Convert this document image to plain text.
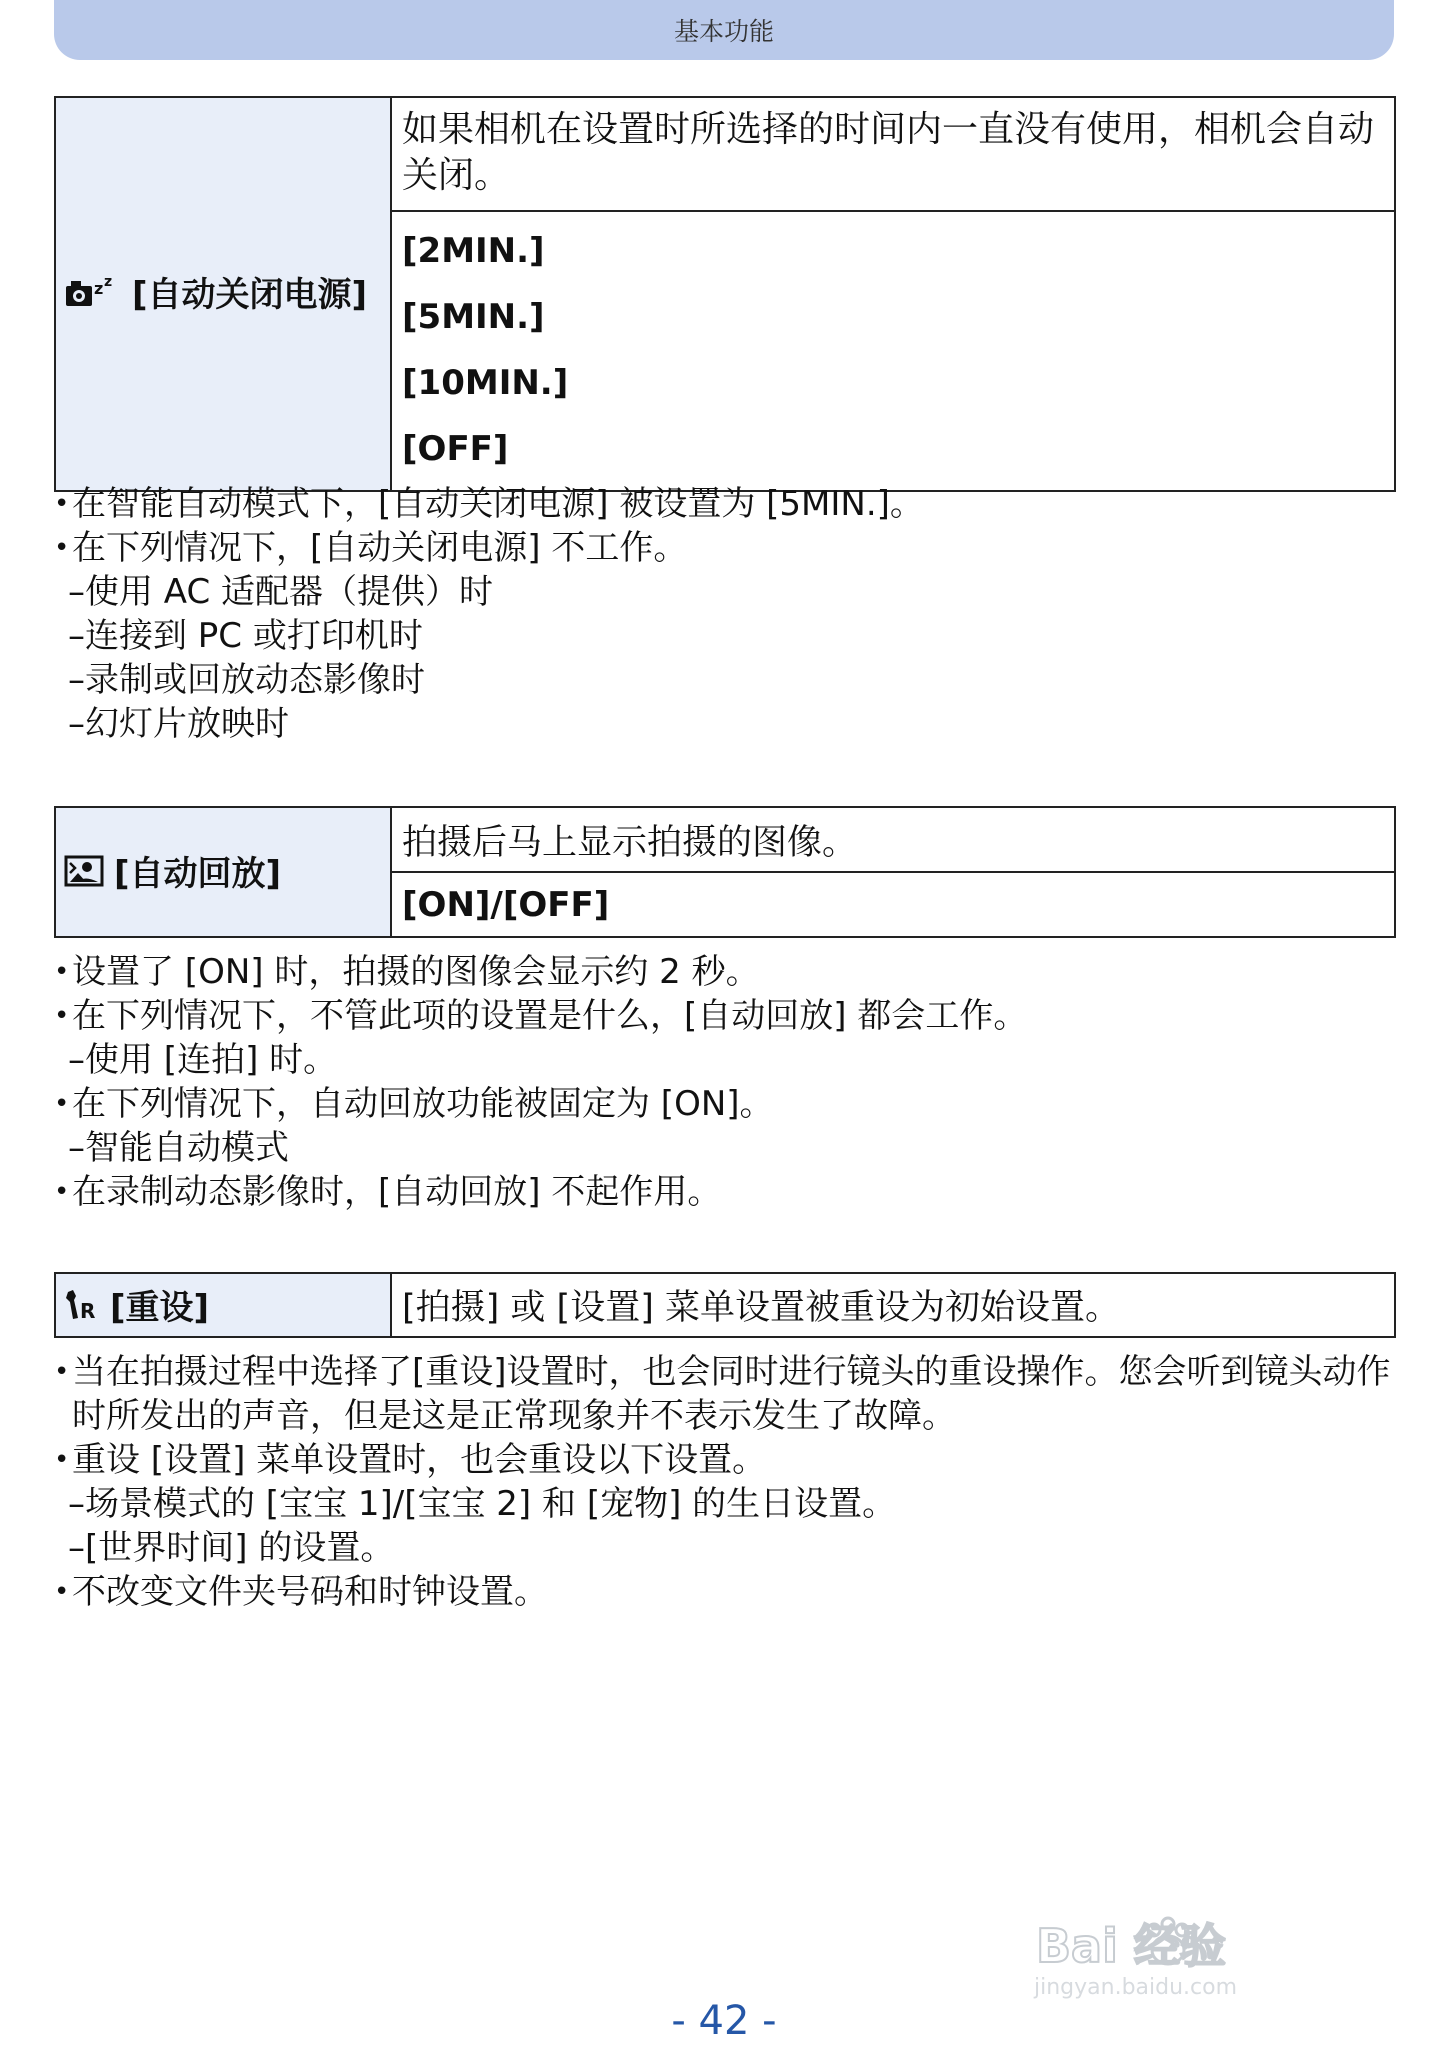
基本功能
z z [自动关闭电源]	如果相机在设置时所选择的时间内一直没有使用，相机会自动关闭。

[2MIN.]
[5MIN.]
[10MIN.]
[OFF]
• 在智能自动模式下，[自动关闭电源] 被设置为 [5MIN.]。
• 在下列情况下，[自动关闭电源] 不工作。
–使用 AC 适配器（提供）时
–连接到 PC 或打印机时
–录制或回放动态影像时
–幻灯片放映时
[自动回放]	拍摄后马上显示拍摄的图像。
[ON]/[OFF]
• 设置了 [ON] 时，拍摄的图像会显示约 2 秒。
• 在下列情况下，不管此项的设置是什么，[自动回放] 都会工作。
–使用 [连拍] 时。
• 在下列情况下，自动回放功能被固定为 [ON]。
–智能自动模式
• 在录制动态影像时，[自动回放] 不起作用。
R [重设]	[拍摄] 或 [设置] 菜单设置被重设为初始设置。
• 当在拍摄过程中选择了[重设]设置时，也会同时进行镜头的重设操作。您会听到镜头动作时所发出的声音，但是这是正常现象并不表示发生了故障。
• 重设 [设置] 菜单设置时，也会重设以下设置。
–场景模式的 [宝宝 1]/[宝宝 2] 和 [宠物] 的生日设置。
–[世界时间] 的设置。
• 不改变文件夹号码和时钟设置。
Bai 经验
jingyan.baidu.com
- 42 -
